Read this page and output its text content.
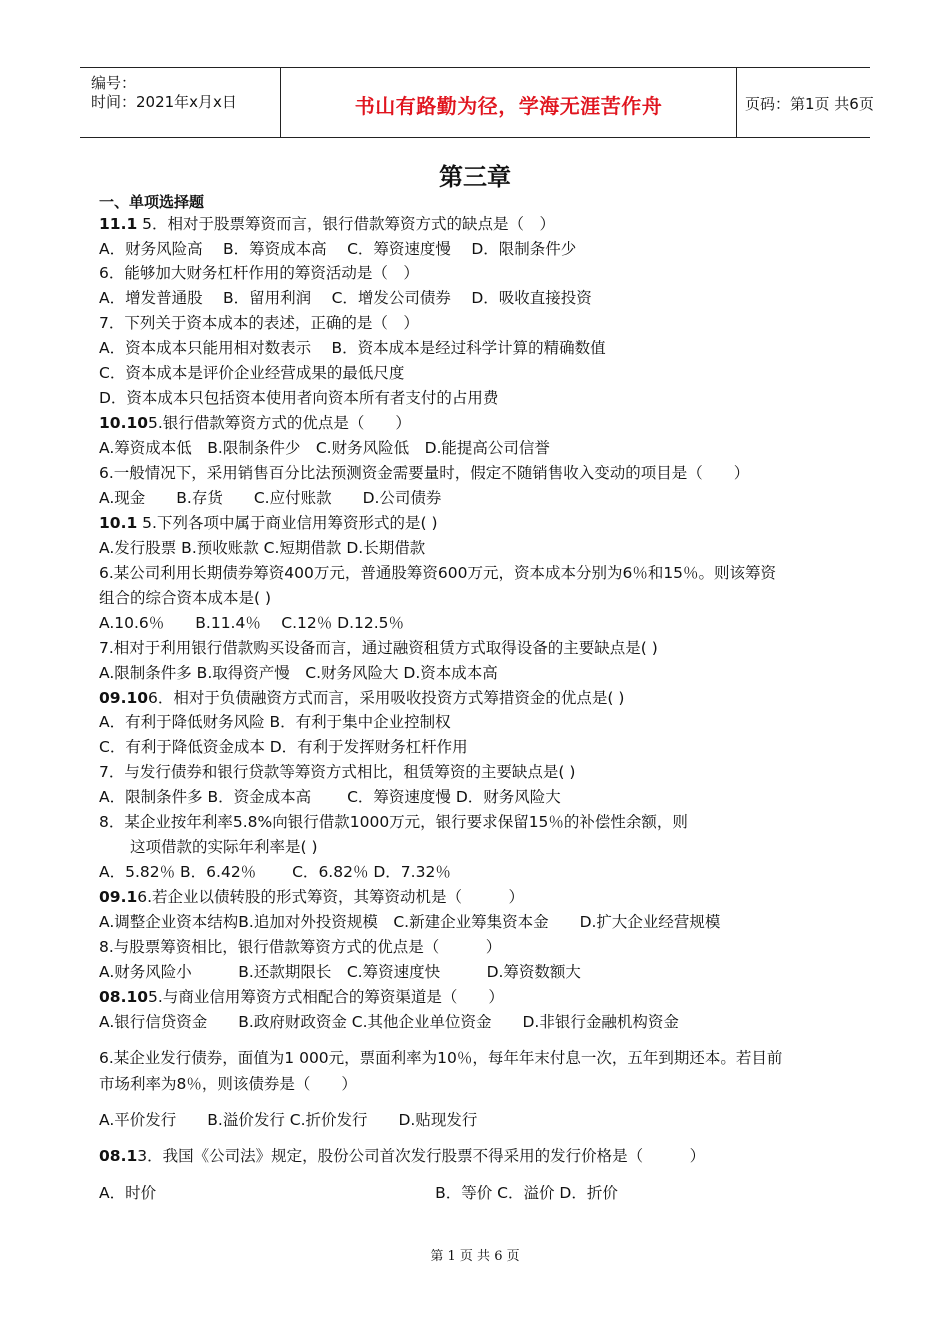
编号：
时间：2021年x月x日	书山有路勤为径，学海无涯苦作舟	页码：第1页 共6页
第三章
一、单项选择题
11.1 5．相对于股票筹资而言，银行借款筹资方式的缺点是（　）
A．财务风险高　 B．筹资成本高　 C．筹资速度慢　 D．限制条件少
6．能够加大财务杠杆作用的筹资活动是（　）
A．增发普通股　 B．留用利润　 C．增发公司债券　 D．吸收直接投资
7．下列关于资本成本的表述，正确的是（　）
A．资本成本只能用相对数表示　 B．资本成本是经过科学计算的精确数值
C．资本成本是评价企业经营成果的最低尺度
D．资本成本只包括资本使用者向资本所有者支付的占用费
10.105.银行借款筹资方式的优点是（　　）
A.筹资成本低　B.限制条件少　C.财务风险低　D.能提高公司信誉
6.一般情况下，采用销售百分比法预测资金需要量时，假定不随销售收入变动的项目是（　　）
A.现金　　B.存货　　C.应付账款　　D.公司债券
10.1 5.下列各项中属于商业信用筹资形式的是( )
A.发行股票 B.预收账款 C.短期借款 D.长期借款
6.某公司利用长期债券筹资400万元，普通股筹资600万元，资本成本分别为6％和15％。则该筹资
组合的综合资本成本是( )
A.10.6％　　B.11.4％　 C.12％ D.12.5％
7.相对于利用银行借款购买设备而言，通过融资租赁方式取得设备的主要缺点是( )
A.限制条件多 B.取得资产慢　C.财务风险大 D.资本成本高
09.106．相对于负债融资方式而言，采用吸收投资方式筹措资金的优点是( )
A．有利于降低财务风险 B．有利于集中企业控制权
C．有利于降低资金成本 D．有利于发挥财务杠杆作用
7．与发行债券和银行贷款等筹资方式相比，租赁筹资的主要缺点是( )
A．限制条件多 B．资金成本高　　 C．筹资速度慢 D．财务风险大
8．某企业按年利率5.8%向银行借款1000万元，银行要求保留15％的补偿性余额，则
　　这项借款的实际年利率是( )
A．5.82％ B．6.42％　　 C．6.82％ D．7.32％
09.16.若企业以债转股的形式筹资，其筹资动机是（　　　）
A.调整企业资本结构B.追加对外投资规模　C.新建企业筹集资本金　　D.扩大企业经营规模
8.与股票筹资相比，银行借款筹资方式的优点是（　　　）
A.财务风险小　　　B.还款期限长　C.筹资速度快　　　D.筹资数额大
08.105.与商业信用筹资方式相配合的筹资渠道是（　　）
A.银行信贷资金　　B.政府财政资金 C.其他企业单位资金　　D.非银行金融机构资金
6.某企业发行债券，面值为1 000元，票面利率为10％，每年年末付息一次，五年到期还本。若目前
市场利率为8％，则该债券是（　　）
A.平价发行　　B.溢价发行 C.折价发行　　D.贴现发行
08.13．我国《公司法》规定，股份公司首次发行股票不得采用的发行价格是（　　　）
A．时价　　　　　　　　　　　　　　　　　　B．等价 C．溢价 D．折价
第 1 页 共 6 页
